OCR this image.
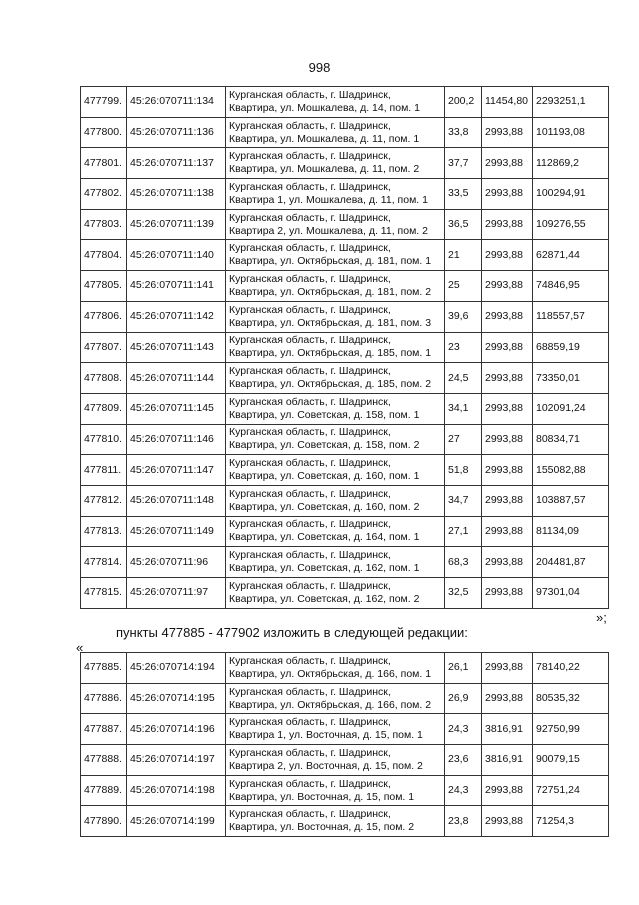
998
477799.	45:26:070711:134	Курганская область, г. Шадринск,
Квартира, ул. Мошкалева, д. 14, пом. 1	200,2	11454,80	2293251,1
477800.	45:26:070711:136	Курганская область, г. Шадринск,
Квартира, ул. Мошкалева, д. 11, пом. 1	33,8	2993,88	101193,08
477801.	45:26:070711:137	Курганская область, г. Шадринск,
Квартира, ул. Мошкалева, д. 11, пом. 2	37,7	2993,88	112869,2
477802.	45:26:070711:138	Курганская область, г. Шадринск,
Квартира 1, ул. Мошкалева, д. 11, пом. 1	33,5	2993,88	100294,91
477803.	45:26:070711:139	Курганская область, г. Шадринск,
Квартира 2, ул. Мошкалева, д. 11, пом. 2	36,5	2993,88	109276,55
477804.	45:26:070711:140	Курганская область, г. Шадринск,
Квартира, ул. Октябрьская, д. 181, пом. 1	21	2993,88	62871,44
477805.	45:26:070711:141	Курганская область, г. Шадринск,
Квартира, ул. Октябрьская, д. 181, пом. 2	25	2993,88	74846,95
477806.	45:26:070711:142	Курганская область, г. Шадринск,
Квартира, ул. Октябрьская, д. 181, пом. 3	39,6	2993,88	118557,57
477807.	45:26:070711:143	Курганская область, г. Шадринск,
Квартира, ул. Октябрьская, д. 185, пом. 1	23	2993,88	68859,19
477808.	45:26:070711:144	Курганская область, г. Шадринск,
Квартира, ул. Октябрьская, д. 185, пом. 2	24,5	2993,88	73350,01
477809.	45:26:070711:145	Курганская область, г. Шадринск,
Квартира, ул. Советская, д. 158, пом. 1	34,1	2993,88	102091,24
477810.	45:26:070711:146	Курганская область, г. Шадринск,
Квартира, ул. Советская, д. 158, пом. 2	27	2993,88	80834,71
477811.	45:26:070711:147	Курганская область, г. Шадринск,
Квартира, ул. Советская, д. 160, пом. 1	51,8	2993,88	155082,88
477812.	45:26:070711:148	Курганская область, г. Шадринск,
Квартира, ул. Советская, д. 160, пом. 2	34,7	2993,88	103887,57
477813.	45:26:070711:149	Курганская область, г. Шадринск,
Квартира, ул. Советская, д. 164, пом. 1	27,1	2993,88	81134,09
477814.	45:26:070711:96	Курганская область, г. Шадринск,
Квартира, ул. Советская, д. 162, пом. 1	68,3	2993,88	204481,87
477815.	45:26:070711:97	Курганская область, г. Шадринск,
Квартира, ул. Советская, д. 162, пом. 2	32,5	2993,88	97301,04
»;
пункты 477885 - 477902 изложить в следующей редакции:
«
477885.	45:26:070714:194	Курганская область, г. Шадринск,
Квартира, ул. Октябрьская, д. 166, пом. 1	26,1	2993,88	78140,22
477886.	45:26:070714:195	Курганская область, г. Шадринск,
Квартира, ул. Октябрьская, д. 166, пом. 2	26,9	2993,88	80535,32
477887.	45:26:070714:196	Курганская область, г. Шадринск,
Квартира 1, ул. Восточная, д. 15, пом. 1	24,3	3816,91	92750,99
477888.	45:26:070714:197	Курганская область, г. Шадринск,
Квартира 2, ул. Восточная, д. 15, пом. 2	23,6	3816,91	90079,15
477889.	45:26:070714:198	Курганская область, г. Шадринск,
Квартира, ул. Восточная, д. 15, пом. 1	24,3	2993,88	72751,24
477890.	45:26:070714:199	Курганская область, г. Шадринск,
Квартира, ул. Восточная, д. 15, пом. 2	23,8	2993,88	71254,3
